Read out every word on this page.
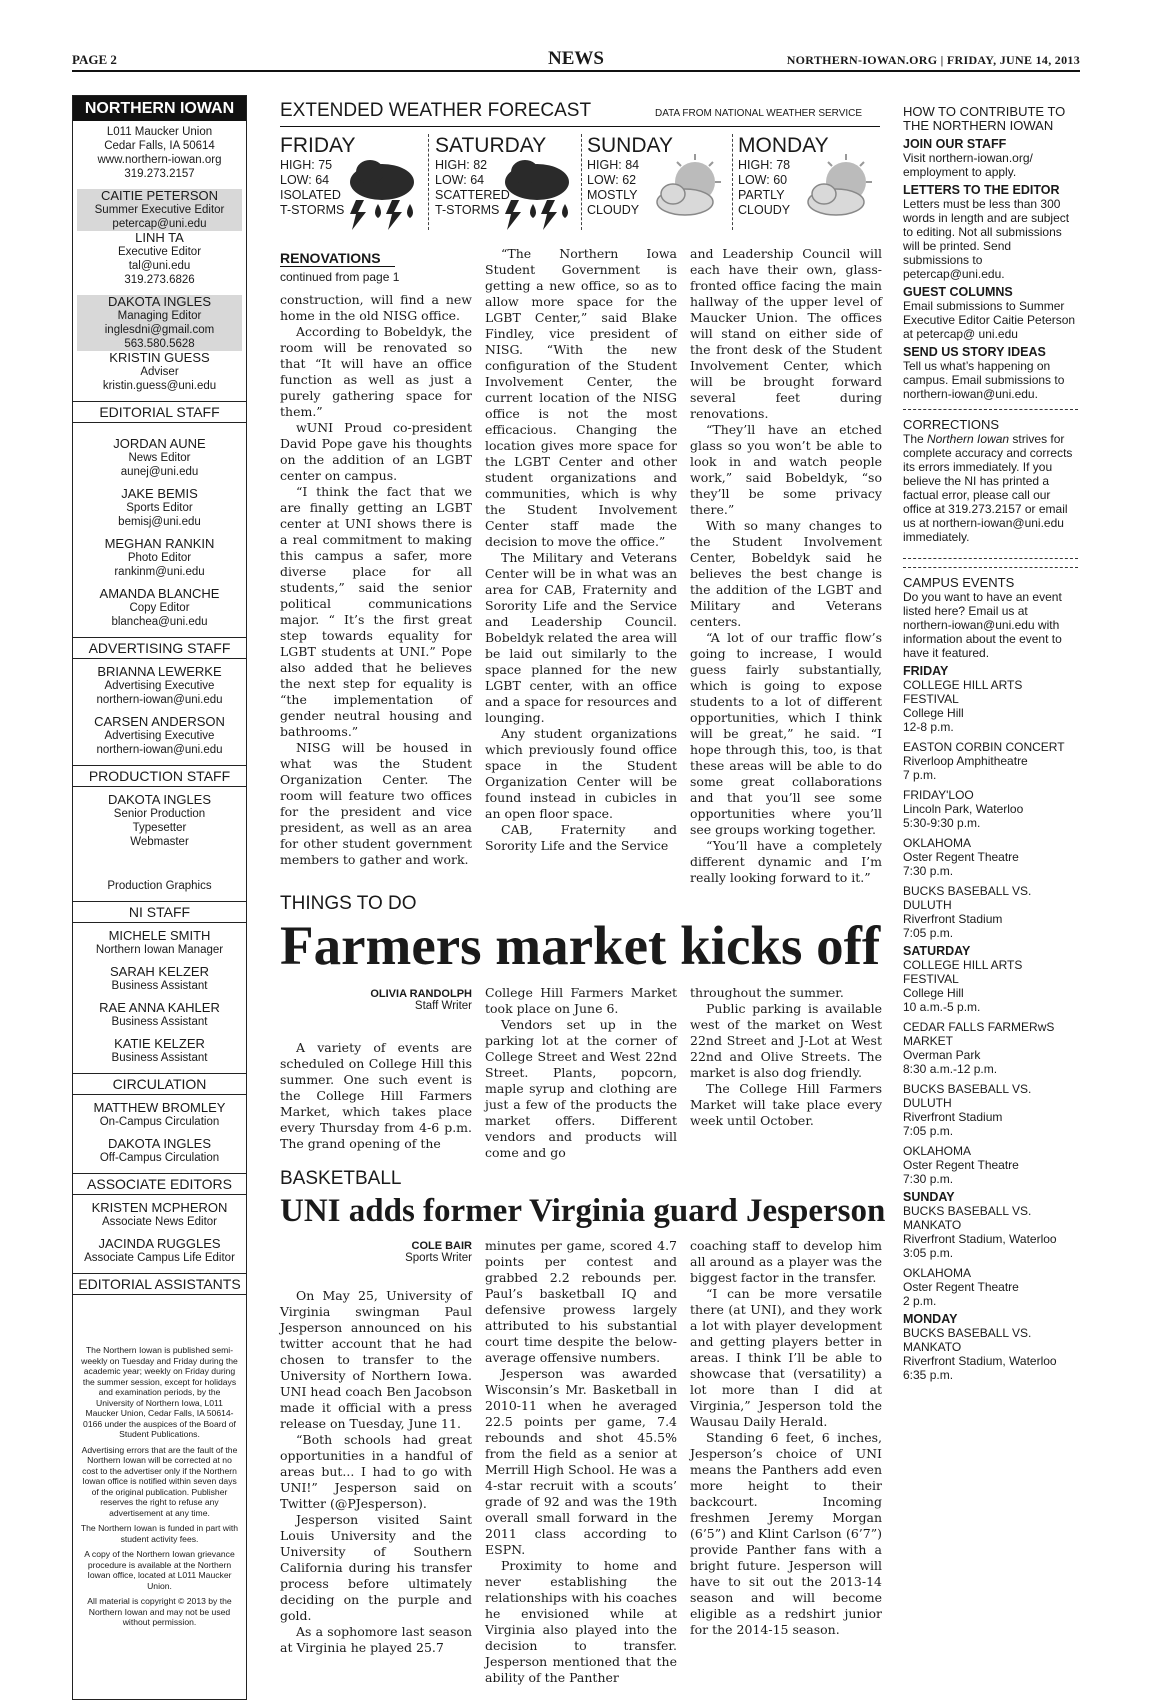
PAGE 2	NEWS	NORTHERN-IOWAN.ORG | FRIDAY, JUNE 14, 2013
NORTHERN IOWAN
L011 Maucker Union
Cedar Falls, IA 50614
www.northern-iowan.org
319.273.2157
CAITIE PETERSON
Summer Executive Editor
petercap@uni.edu
LINH TA
Executive Editor
tal@uni.edu
319.273.6826
DAKOTA INGLES
Managing Editor
inglesdni@gmail.com
563.580.5628
KRISTIN GUESS
Adviser
kristin.guess@uni.edu
EDITORIAL STAFF
JORDAN AUNE
News Editor
aunej@uni.edu
JAKE BEMIS
Sports Editor
bemisj@uni.edu
MEGHAN RANKIN
Photo Editor
rankinm@uni.edu
AMANDA BLANCHE
Copy Editor
blanchea@uni.edu
ADVERTISING STAFF
BRIANNA LEWERKE
Advertising Executive
northern-iowan@uni.edu
CARSEN ANDERSON
Advertising Executive
northern-iowan@uni.edu
PRODUCTION STAFF
DAKOTA INGLES
Senior Production
Typesetter
Webmaster
Production Graphics
NI STAFF
MICHELE SMITH
Northern Iowan Manager
SARAH KELZER
Business Assistant
RAE ANNA KAHLER
Business Assistant
KATIE KELZER
Business Assistant
CIRCULATION
MATTHEW BROMLEY
On-Campus Circulation
DAKOTA INGLES
Off-Campus Circulation
ASSOCIATE EDITORS
KRISTEN MCPHERON
Associate News Editor
JACINDA RUGGLES
Associate Campus Life Editor
EDITORIAL ASSISTANTS

The Northern Iowan is published semi-weekly on Tuesday and Friday during the academic year; weekly on Friday during the summer session, except for holidays and examination periods, by the University of Northern Iowa, L011 Maucker Union, Cedar Falls, IA 50614-0166 under the auspices of the Board of Student Publications.

Advertising errors that are the fault of the Northern Iowan will be corrected at no cost to the advertiser only if the Northern Iowan office is notified within seven days of the original publication. Publisher reserves the right to refuse any advertisement at any time.

The Northern Iowan is funded in part with student activity fees.

A copy of the Northern Iowan grievance procedure is available at the Northern Iowan office, located at L011 Maucker Union.

All material is copyright © 2013 by the Northern Iowan and may not be used without permission.

EXTENDED WEATHER FORECAST	DATA FROM NATIONAL WEATHER SERVICE
FRIDAY
HIGH: 75
LOW: 64
ISOLATED
T-STORMS
SATURDAY
HIGH: 82
LOW: 64
SCATTERED
T-STORMS
SUNDAY
HIGH: 84
LOW: 62
MOSTLY
CLOUDY
MONDAY
HIGH: 78
LOW: 60
PARTLY
CLOUDY
RENOVATIONS
continued from page 1

construction, will find a new home in the old NISG office.

According to Bobeldyk, the room will be renovated so that “It will have an office function as well as just a purely gathering space for them.”

wUNI Proud co-president David Pope gave his thoughts on the addition of an LGBT center on campus.

“I think the fact that we are finally getting an LGBT center at UNI shows there is a real commitment to making this campus a safer, more diverse place for all students,” said the senior political communications major. “ It’s the first great step towards equality for LGBT students at UNI.” Pope also added that he believes the next step for equality is “the implementation of gender neutral housing and bathrooms.”

NISG will be housed in what was the Student Organization Center. The room will feature two offices for the president and vice president, as well as an area for other student government members to gather and work.

“The Northern Iowa Student Government is getting a new office, so as to allow more space for the LGBT Center,” said Blake Findley, vice president of NISG. “With the new configuration of the Student Involvement Center, the current location of the NISG office is not the most efficacious. Changing the location gives more space for the LGBT Center and other student organizations and communities, which is why the Student Involvement Center staff made the decision to move the office.”

The Military and Veterans Center will be in what was an area for CAB, Fraternity and Sorority Life and the Service and Leadership Council. Bobeldyk related the area will be laid out similarly to the space planned for the new LGBT center, with an office and a space for resources and lounging.

Any student organizations which previously found office space in the Student Organization Center will be found instead in cubicles in an open floor space.

CAB, Fraternity and Sorority Life and the Service

and Leadership Council will each have their own, glass-fronted office facing the main hallway of the upper level of Maucker Union. The offices will stand on either side of the front desk of the Student Involvement Center, which will be brought forward several feet during renovations.

“They’ll have an etched glass so you won’t be able to look in and watch people work,” said Bobeldyk, “so they’ll be some privacy there.”

With so many changes to the Student Involvement Center, Bobeldyk said he believes the best change is the addition of the LGBT and Military and Veterans centers.

“A lot of our traffic flow’s going to increase, I would guess fairly substantially, which is going to expose students to a lot of different opportunities, which I think will be great,” he said. “I hope through this, too, is that these areas will be able to do some great collaborations and that you’ll see some opportunities where you’ll see groups working together.

“You’ll have a completely different dynamic and I’m really looking forward to it.”

THINGS TO DO
Farmers market kicks off
OLIVIA RANDOLPH
Staff Writer

A variety of events are scheduled on College Hill this summer. One such event is the College Hill Farmers Market, which takes place every Thursday from 4-6 p.m. The grand opening of the

College Hill Farmers Market took place on June 6.

Vendors set up in the parking lot at the corner of College Street and West 22nd Street. Plants, popcorn, maple syrup and clothing are just a few of the products the market offers. Different vendors and products will come and go

throughout the summer.

Public parking is available west of the market on West 22nd Street and J-Lot at West 22nd and Olive Streets. The market is also dog friendly.

The College Hill Farmers Market will take place every week until October.

BASKETBALL
UNI adds former Virginia guard Jesperson
COLE BAIR
Sports Writer

On May 25, University of Virginia swingman Paul Jesperson announced on his twitter account that he had chosen to transfer to the University of Northern Iowa. UNI head coach Ben Jacobson made it official with a press release on Tuesday, June 11.

“Both schools had great opportunities in a handful of areas but... I had to go with UNI!” Jesperson said on Twitter (@PJesperson).

Jesperson visited Saint Louis University and the University of Southern California during his transfer process before ultimately deciding on the purple and gold.

As a sophomore last season at Virginia he played 25.7

minutes per game, scored 4.7 points per contest and grabbed 2.2 rebounds per. Paul’s basketball IQ and defensive prowess largely attributed to his substantial court time despite the below-average offensive numbers.

Jesperson was awarded Wisconsin’s Mr. Basketball in 2010-11 when he averaged 22.5 points per game, 7.4 rebounds and shot 45.5% from the field as a senior at Merrill High School. He was a 4-star recruit with a scouts’ grade of 92 and was the 19th overall small forward in the 2011 class according to ESPN.

Proximity to home and never establishing the relationships with his coaches he envisioned while at Virginia also played into the decision to transfer. Jesperson mentioned that the ability of the Panther

coaching staff to develop him all around as a player was the biggest factor in the transfer.

“I can be more versatile there (at UNI), and they work a lot with player development and getting players better in areas. I think I’ll be able to showcase that (versatility) a lot more than I did at Virginia,” Jesperson told the Wausau Daily Herald.

Standing 6 feet, 6 inches, Jesperson’s choice of UNI means the Panthers add even more height to their backcourt. Incoming freshmen Jeremy Morgan (6’5”) and Klint Carlson (6’7”) provide Panther fans with a bright future. Jesperson will have to sit out the 2013-14 season and will become eligible as a redshirt junior for the 2014-15 season.

HOW TO CONTRIBUTE TO THE NORTHERN IOWAN
JOIN OUR STAFF
Visit northern-iowan.org/ employment to apply.
LETTERS TO THE EDITOR
Letters must be less than 300 words in length and are subject to editing. Not all submissions will be printed. Send submissions to petercap@uni.edu.
GUEST COLUMNS
Email submissions to Summer Executive Editor Caitie Peterson at petercap@ uni.edu
SEND US STORY IDEAS
Tell us what’s happening on campus. Email submissions to northern-iowan@uni.edu.
CORRECTIONS
The Northern Iowan strives for complete accuracy and corrects its errors immediately. If you believe the NI has printed a factual error, please call our office at 319.273.2157 or email us at northern-iowan@uni.edu immediately.
CAMPUS EVENTS
Do you want to have an event listed here? Email us at northern-iowan@uni.edu with information about the event to have it featured.
FRIDAY
COLLEGE HILL ARTS FESTIVAL
College Hill
12-8 p.m.
EASTON CORBIN CONCERT
Riverloop Amphitheatre
7 p.m.
FRIDAY'LOO
Lincoln Park, Waterloo
5:30-9:30 p.m.
OKLAHOMA
Oster Regent Theatre
7:30 p.m.
BUCKS BASEBALL VS. DULUTH
Riverfront Stadium
7:05 p.m.
SATURDAY
COLLEGE HILL ARTS FESTIVAL
College Hill
10 a.m.-5 p.m.
CEDAR FALLS FARMERwS MARKET
Overman Park
8:30 a.m.-12 p.m.
BUCKS BASEBALL VS. DULUTH
Riverfront Stadium
7:05 p.m.
OKLAHOMA
Oster Regent Theatre
7:30 p.m.
SUNDAY
BUCKS BASEBALL VS. MANKATO
Riverfront Stadium, Waterloo
3:05 p.m.
OKLAHOMA
Oster Regent Theatre
2 p.m.
MONDAY
BUCKS BASEBALL VS. MANKATO
Riverfront Stadium, Waterloo
6:35 p.m.
